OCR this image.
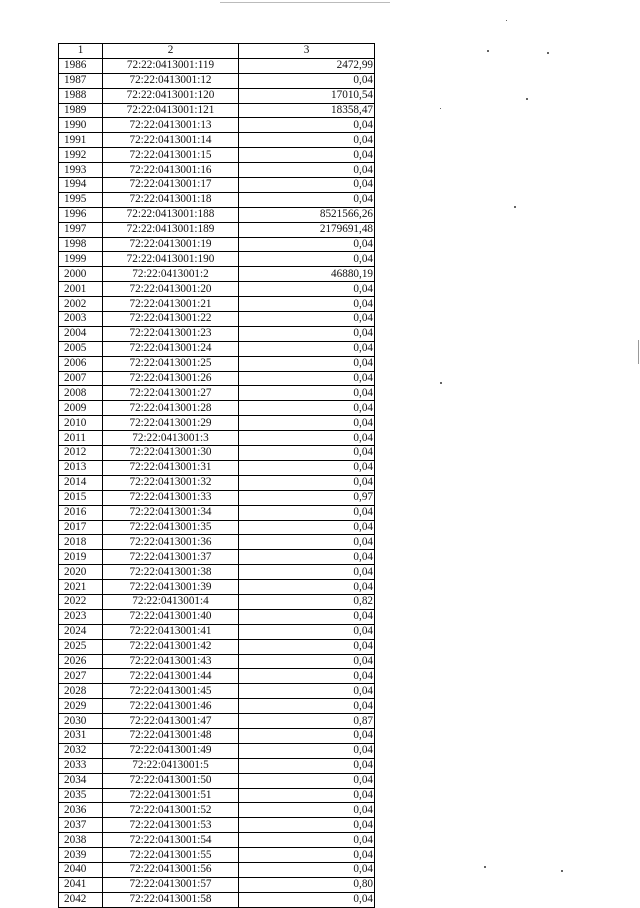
1	2	3
1986	72:22:0413001:119	2472,99
1987	72:22:0413001:12	0,04
1988	72:22:0413001:120	17010,54
1989	72:22:0413001:121	18358,47
1990	72:22:0413001:13	0,04
1991	72:22:0413001:14	0,04
1992	72:22:0413001:15	0,04
1993	72:22:0413001:16	0,04
1994	72:22:0413001:17	0,04
1995	72:22:0413001:18	0,04
1996	72:22:0413001:188	8521566,26
1997	72:22:0413001:189	2179691,48
1998	72:22:0413001:19	0,04
1999	72:22:0413001:190	0,04
2000	72:22:0413001:2	46880,19
2001	72:22:0413001:20	0,04
2002	72:22:0413001:21	0,04
2003	72:22:0413001:22	0,04
2004	72:22:0413001:23	0,04
2005	72:22:0413001:24	0,04
2006	72:22:0413001:25	0,04
2007	72:22:0413001:26	0,04
2008	72:22:0413001:27	0,04
2009	72:22:0413001:28	0,04
2010	72:22:0413001:29	0,04
2011	72:22:0413001:3	0,04
2012	72:22:0413001:30	0,04
2013	72:22:0413001:31	0,04
2014	72:22:0413001:32	0,04
2015	72:22:0413001:33	0,97
2016	72:22:0413001:34	0,04
2017	72:22:0413001:35	0,04
2018	72:22:0413001:36	0,04
2019	72:22:0413001:37	0,04
2020	72:22:0413001:38	0,04
2021	72:22:0413001:39	0,04
2022	72:22:0413001:4	0,82
2023	72:22:0413001:40	0,04
2024	72:22:0413001:41	0,04
2025	72:22:0413001:42	0,04
2026	72:22:0413001:43	0,04
2027	72:22:0413001:44	0,04
2028	72:22:0413001:45	0,04
2029	72:22:0413001:46	0,04
2030	72:22:0413001:47	0,87
2031	72:22:0413001:48	0,04
2032	72:22:0413001:49	0,04
2033	72:22:0413001:5	0,04
2034	72:22:0413001:50	0,04
2035	72:22:0413001:51	0,04
2036	72:22:0413001:52	0,04
2037	72:22:0413001:53	0,04
2038	72:22:0413001:54	0,04
2039	72:22:0413001:55	0,04
2040	72:22:0413001:56	0,04
2041	72:22:0413001:57	0,80
2042	72:22:0413001:58	0,04
